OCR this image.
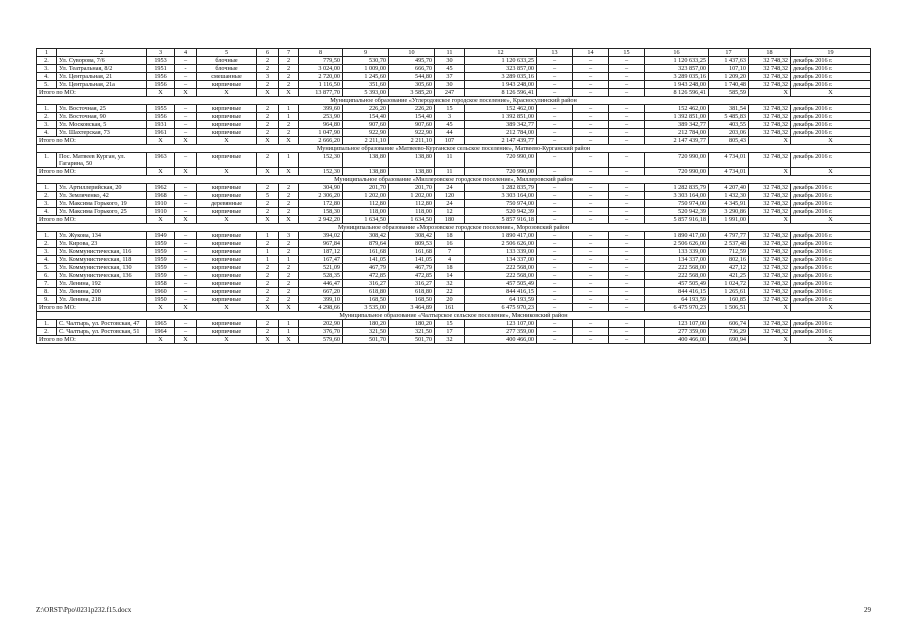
1	2	3	4	5	6	7	8	9	10	11	12	13	14	15	16	17	18	19
2.	Ул. Суворова, 7/6	1953	–	блочные	2	2	779,50	530,70	495,70	30	1 120 633,25	–	–	–	1 120 633,25	1 437,63	32 748,32	декабрь 2016 г.
3.	Ул. Театральная, 8/2	1951	-	блочные	2	2	3 024,00	1 009,00	666,70	45	323 857,00	–	–	–	323 857,00	107,10	32 748,32	декабрь 2016 г.
4.	Ул. Центральная, 21	1956	–	смешанные	3	2	2 720,00	1 245,60	544,80	37	3 289 035,16	–	–	–	3 289 035,16	1 209,20	32 748,32	декабрь 2016 г.
5.	Ул. Центральная, 21а	1956	–	кирпичные	2	2	1 116,50	351,60	305,60	30	1 943 248,00	–	–	–	1 943 248,00	1 740,48	32 748,32	декабрь 2016 г.
Итого по МО:		X	X	X	X	X	13 877,70	5 393,00	3 585,20	247	8 126 596,41	–	–	–	8 126 596,41	585,59	X	X
Муниципальное образование «Углеродовское городское поселение», Красносулинский район																		
1.	Ул. Восточная, 25	1955	–	кирпичные	2	1	399,60	226,20	226,20	15	152 462,00	–	–	–	152 462,00	381,54	32 748,32	декабрь 2016 г.
2.	Ул. Восточная, 90	1956	–	кирпичные	2	1	253,90	154,40	154,40	3	1 392 851,00	–	–	–	1 392 851,00	5 485,83	32 748,32	декабрь 2016 г.
3.	Ул. Московская, 5	1931	–	кирпичные	2	2	964,80	907,60	907,60	45	389 342,77	–	–	–	389 342,77	403,55	32 748,32	декабрь 2016 г.
4.	Ул. Шахтерская, 73	1961	–	кирпичные	2	2	1 047,90	922,90	922,90	44	212 784,00	–	–	–	212 784,00	203,06	32 748,32	декабрь 2016 г.
Итого по МО:		X	X	X	X	X	2 666,20	2 211,10	2 211,10	107	2 147 439,77	–	–	–	2 147 439,77	805,43	X	X
Муниципальное образование «Матвеево-Курганское сельское поселение», Матвеево-Курганский район																		
1.	Пос. Матвеев Курган, ул. Гагарина, 50	1963	–	кирпичные	2	1	152,30	138,80	138,80	11	720 990,00	–	–	–	720 990,00	4 734,01	32 748,32	декабрь 2016 г.
Итого по МО:		X	X	X	X	X	152,30	138,80	138,80	11	720 990,00	–	–	–	720 990,00	4 734,01	X	X
Муниципальное образование «Миллеровское городское поселение», Миллеровский район																		
1.	Ул. Артиллерийская, 20	1962	–	кирпичные	2	2	304,90	201,70	201,70	24	1 282 835,79	–	–	–	1 282 835,79	4 207,40	32 748,32	декабрь 2016 г.
2.	Ул. Земляченко, 42	1968	–	кирпичные	5	2	2 306,20	1 202,00	1 202,00	120	3 303 164,00	–	–	–	3 303 164,00	1 432,30	32 748,32	декабрь 2016 г.
3.	Ул. Максима Горького, 19	1910	–	деревянные	2	2	172,80	112,80	112,80	24	750 974,00	–	–	–	750 974,00	4 345,91	32 748,32	декабрь 2016 г.
4.	Ул. Максима Горького, 25	1910	–	кирпичные	2	2	158,30	118,00	118,00	12	520 942,39	–	–	–	520 942,39	3 290,86	32 748,32	декабрь 2016 г.
Итого по МО:		X	X	X	X	X	2 942,20	1 634,50	1 634,50	180	5 857 916,18	–	–	–	5 857 916,18	1 991,00	X	X
Муниципальное образование «Морозовское городское поселение», Морозовский район																		
1.	Ул. Жукова, 134	1949	–	кирпичные	1	3	394,02	308,42	308,42	18	1 890 417,00	–	–	–	1 890 417,00	4 797,77	32 748,32	декабрь 2016 г.
2.	Ул. Кирова, 23	1959	–	кирпичные	2	2	967,84	879,64	809,53	16	2 506 626,00	–	–	–	2 506 626,00	2 537,48	32 748,32	декабрь 2016 г.
3.	Ул. Коммунистическая, 116	1959	–	кирпичные	1	2	187,12	161,68	161,68	7	133 339,00	–	–	–	133 339,00	712,59	32 748,32	декабрь 2016 г.
4.	Ул. Коммунистическая, 118	1959	–	кирпичные	1	1	167,47	141,05	141,05	4	134 337,00	–	–	–	134 337,00	802,16	32 748,32	декабрь 2016 г.
5.	Ул. Коммунистическая, 130	1959	–	кирпичные	2	2	521,09	467,79	467,79	18	222 568,00	–	–	–	222 568,00	427,12	32 748,32	декабрь 2016 г.
6.	Ул. Коммунистическая, 136	1959	–	кирпичные	2	2	528,35	472,85	472,85	14	222 568,00	–	–	–	222 568,00	421,25	32 748,32	декабрь 2016 г.
7.	Ул. Ленина, 192	1958	–	кирпичные	2	2	446,47	316,27	316,27	32	457 505,49	–	–	–	457 505,49	1 024,72	32 748,32	декабрь 2016 г.
8.	Ул. Ленина, 200	1960	–	кирпичные	2	2	667,20	618,80	618,80	22	844 416,15	–	–	–	844 416,15	1 265,61	32 748,32	декабрь 2016 г.
9.	Ул. Ленина, 218	1950	–	кирпичные	2	2	399,10	168,50	168,50	20	64 193,59	–	–	–	64 193,59	160,85	32 748,32	декабрь 2016 г.
Итого по МО:		X	X	X	X	X	4 298,66	3 535,00	3 464,89	161	6 475 970,23	–	–	–	6 475 970,23	1 506,51	X	X
Муниципальное образование «Чалтырское сельское поселение», Мясниковский район																		
1.	С. Чалтырь, ул. Ростовская, 47	1965	–	кирпичные	2	1	202,90	180,20	180,20	15	123 107,00	–	–	–	123 107,00	606,74	32 748,32	декабрь 2016 г.
2.	С. Чалтырь, ул. Ростовская, 51	1964	–	кирпичные	2	1	376,70	321,50	321,50	17	277 359,00	–	–	–	277 359,00	736,29	32 748,32	декабрь 2016 г.
Итого по МО:		X	X	X	X	X	579,60	501,70	501,70	32	400 466,00	–	–	–	400 466,00	690,94	X	X
Z:\ORST\Ppo\0231p232.f15.docx	29
